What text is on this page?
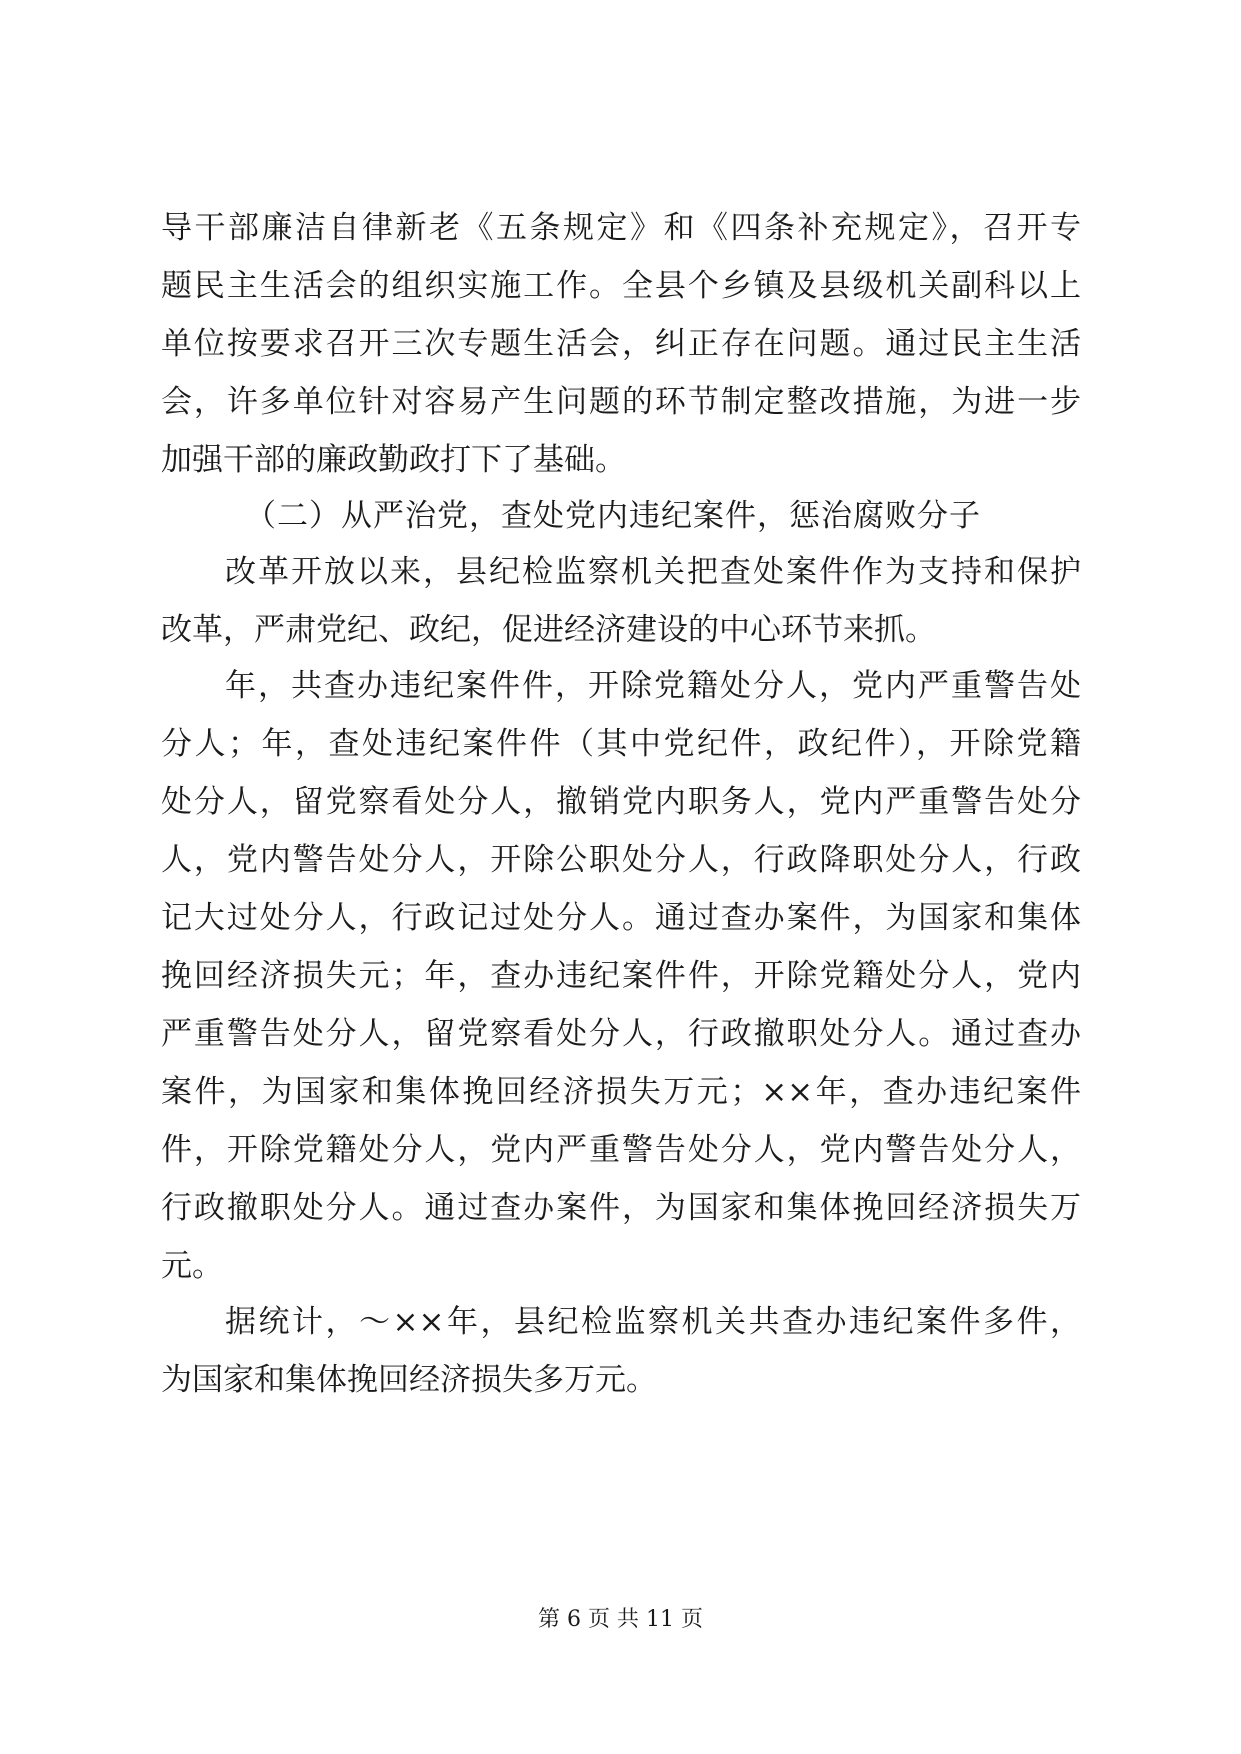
导干部廉洁自律新老《五条规定》和《四条补充规定》，召开专
题民主生活会的组织实施工作。全县个乡镇及县级机关副科以上
单位按要求召开三次专题生活会，纠正存在问题。通过民主生活
会，许多单位针对容易产生问题的环节制定整改措施，为进一步
加强干部的廉政勤政打下了基础。
（二）从严治党，查处党内违纪案件，惩治腐败分子
改革开放以来，县纪检监察机关把查处案件作为支持和保护
改革，严肃党纪、政纪，促进经济建设的中心环节来抓。
年，共查办违纪案件件，开除党籍处分人，党内严重警告处
分人；年，查处违纪案件件（其中党纪件，政纪件），开除党籍
处分人，留党察看处分人，撤销党内职务人，党内严重警告处分
人，党内警告处分人，开除公职处分人，行政降职处分人，行政
记大过处分人，行政记过处分人。通过查办案件，为国家和集体
挽回经济损失元；年，查办违纪案件件，开除党籍处分人，党内
严重警告处分人，留党察看处分人，行政撤职处分人。通过查办
案件，为国家和集体挽回经济损失万元；××年，查办违纪案件
件，开除党籍处分人，党内严重警告处分人，党内警告处分人，
行政撤职处分人。通过查办案件，为国家和集体挽回经济损失万
元。
据统计，～××年，县纪检监察机关共查办违纪案件多件，
为国家和集体挽回经济损失多万元。
第 6 页 共 11 页
